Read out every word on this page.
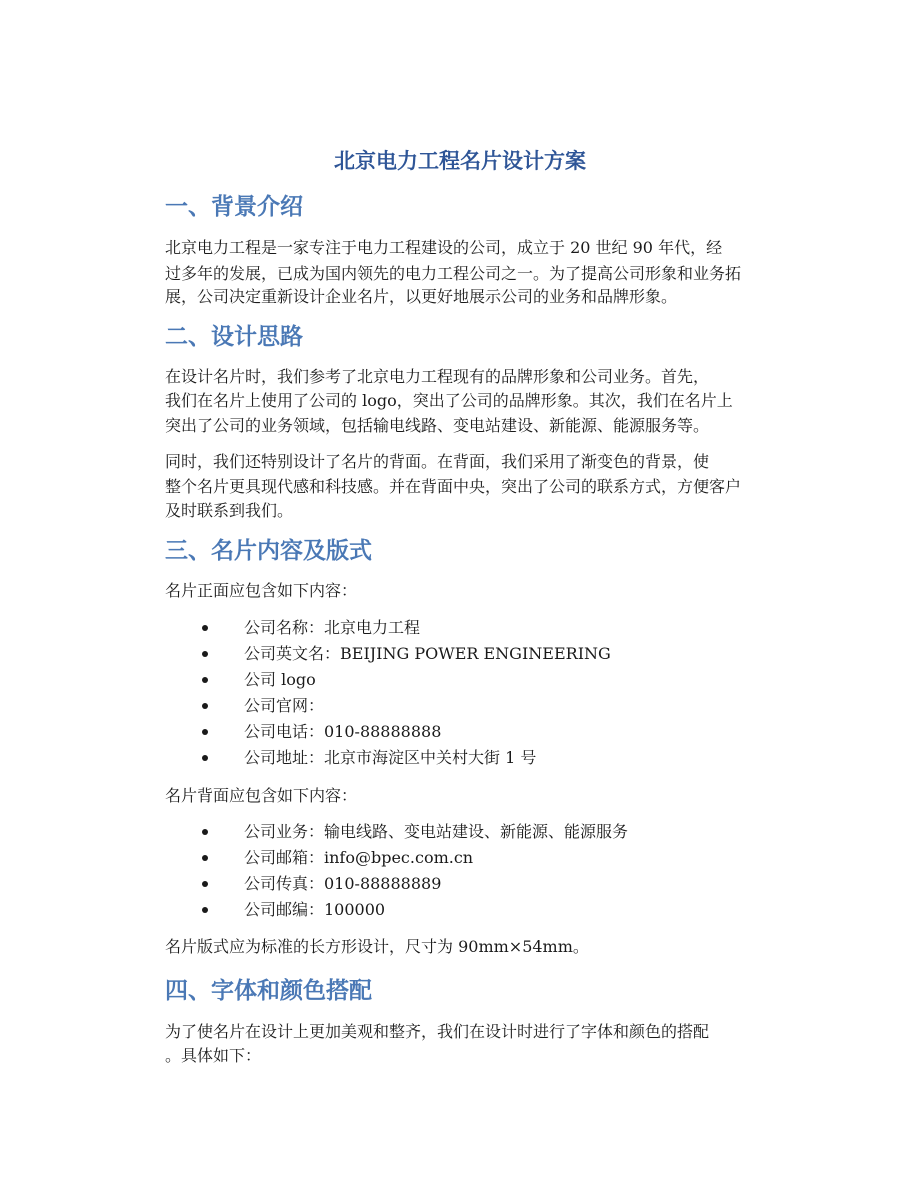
北京电力工程名片设计方案
一、背景介绍

北京电力工程是一家专注于电力工程建设的公司，成立于 20 世纪 90 年代，经

过多年的发展，已成为国内领先的电力工程公司之一。为了提高公司形象和业务拓

展，公司决定重新设计企业名片，以更好地展示公司的业务和品牌形象。

二、设计思路

在设计名片时，我们参考了北京电力工程现有的品牌形象和公司业务。首先，

我们在名片上使用了公司的 logo，突出了公司的品牌形象。其次，我们在名片上

突出了公司的业务领域，包括输电线路、变电站建设、新能源、能源服务等。

同时，我们还特别设计了名片的背面。在背面，我们采用了渐变色的背景，使

整个名片更具现代感和科技感。并在背面中央，突出了公司的联系方式，方便客户

及时联系到我们。

三、名片内容及版式

名片正面应包含如下内容：

公司名称：北京电力工程
公司英文名：BEIJING POWER ENGINEERING
公司 logo
公司官网：
公司电话：010-88888888
公司地址：北京市海淀区中关村大街 1 号

名片背面应包含如下内容：

公司业务：输电线路、变电站建设、新能源、能源服务
公司邮箱：info@bpec.com.cn
公司传真：010-88888889
公司邮编：100000

名片版式应为标准的长方形设计，尺寸为 90mm×54mm。

四、字体和颜色搭配

为了使名片在设计上更加美观和整齐，我们在设计时进行了字体和颜色的搭配

。具体如下：
